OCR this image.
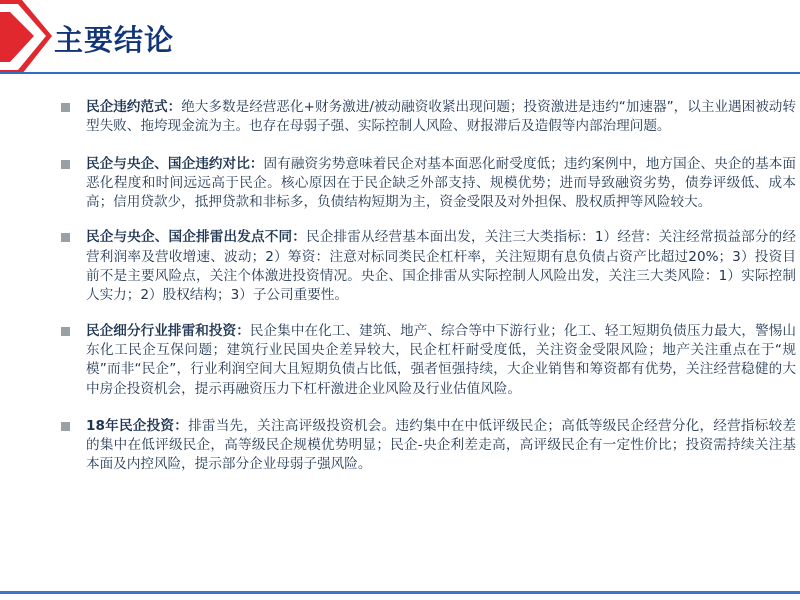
主要结论
民企违约范式：绝大多数是经营恶化+财务激进/被动融资收紧出现问题；投资激进是违约“加速器”，以主业遇困被动转型失败、拖垮现金流为主。也存在母弱子强、实际控制人风险、财报滞后及造假等内部治理问题。
民企与央企、国企违约对比：固有融资劣势意味着民企对基本面恶化耐受度低；违约案例中，地方国企、央企的基本面恶化程度和时间远远高于民企。核心原因在于民企缺乏外部支持、规模优势；进而导致融资劣势，债券评级低、成本高；信用贷款少，抵押贷款和非标多，负债结构短期为主，资金受限及对外担保、股权质押等风险较大。
民企与央企、国企排雷出发点不同：民企排雷从经营基本面出发，关注三大类指标：1）经营：关注经常损益部分的经营利润率及营收增速、波动；2）筹资：注意对标同类民企杠杆率，关注短期有息负债占资产比超过20%；3）投资目前不是主要风险点，关注个体激进投资情况。央企、国企排雷从实际控制人风险出发，关注三大类风险：1）实际控制人实力；2）股权结构；3）子公司重要性。
民企细分行业排雷和投资：民企集中在化工、建筑、地产、综合等中下游行业；化工、轻工短期负债压力最大，警惕山东化工民企互保问题；建筑行业民国央企差异较大，民企杠杆耐受度低，关注资金受限风险；地产关注重点在于“规模”而非“民企”，行业利润空间大且短期负债占比低，强者恒强持续，大企业销售和筹资都有优势，关注经营稳健的大中房企投资机会，提示再融资压力下杠杆激进企业风险及行业估值风险。
18年民企投资：排雷当先，关注高评级投资机会。违约集中在中低评级民企；高低等级民企经营分化，经营指标较差的集中在低评级民企，高等级民企规模优势明显；民企-央企利差走高，高评级民企有一定性价比；投资需持续关注基本面及内控风险，提示部分企业母弱子强风险。
